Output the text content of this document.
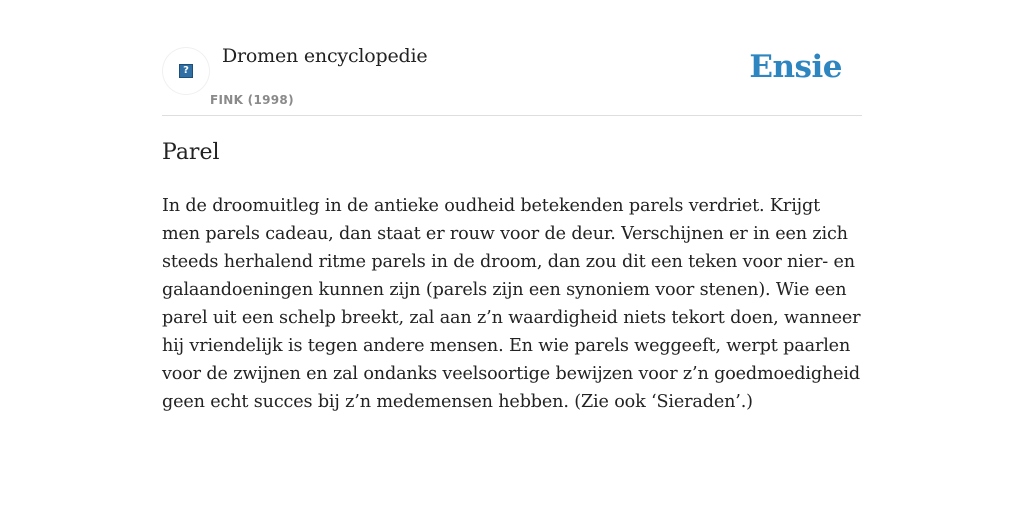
?
Dromen encyclopedie
FINK (1998)
Ensie
Parel

In de droomuitleg in de antieke oudheid betekenden parels verdriet. Krijgt men parels cadeau, dan staat er rouw voor de deur. Verschijnen er in een zich steeds herhalend ritme parels in de droom, dan zou dit een teken voor nier- en galaandoeningen kunnen zijn (parels zijn een synoniem voor stenen). Wie een parel uit een schelp breekt, zal aan z’n waardigheid niets tekort doen, wanneer hij vriendelijk is tegen andere mensen. En wie parels weggeeft, werpt paarlen voor de zwijnen en zal ondanks veelsoortige bewijzen voor z’n goedmoedigheid geen echt succes bij z’n medemensen hebben. (Zie ook ‘Sieraden’.)
